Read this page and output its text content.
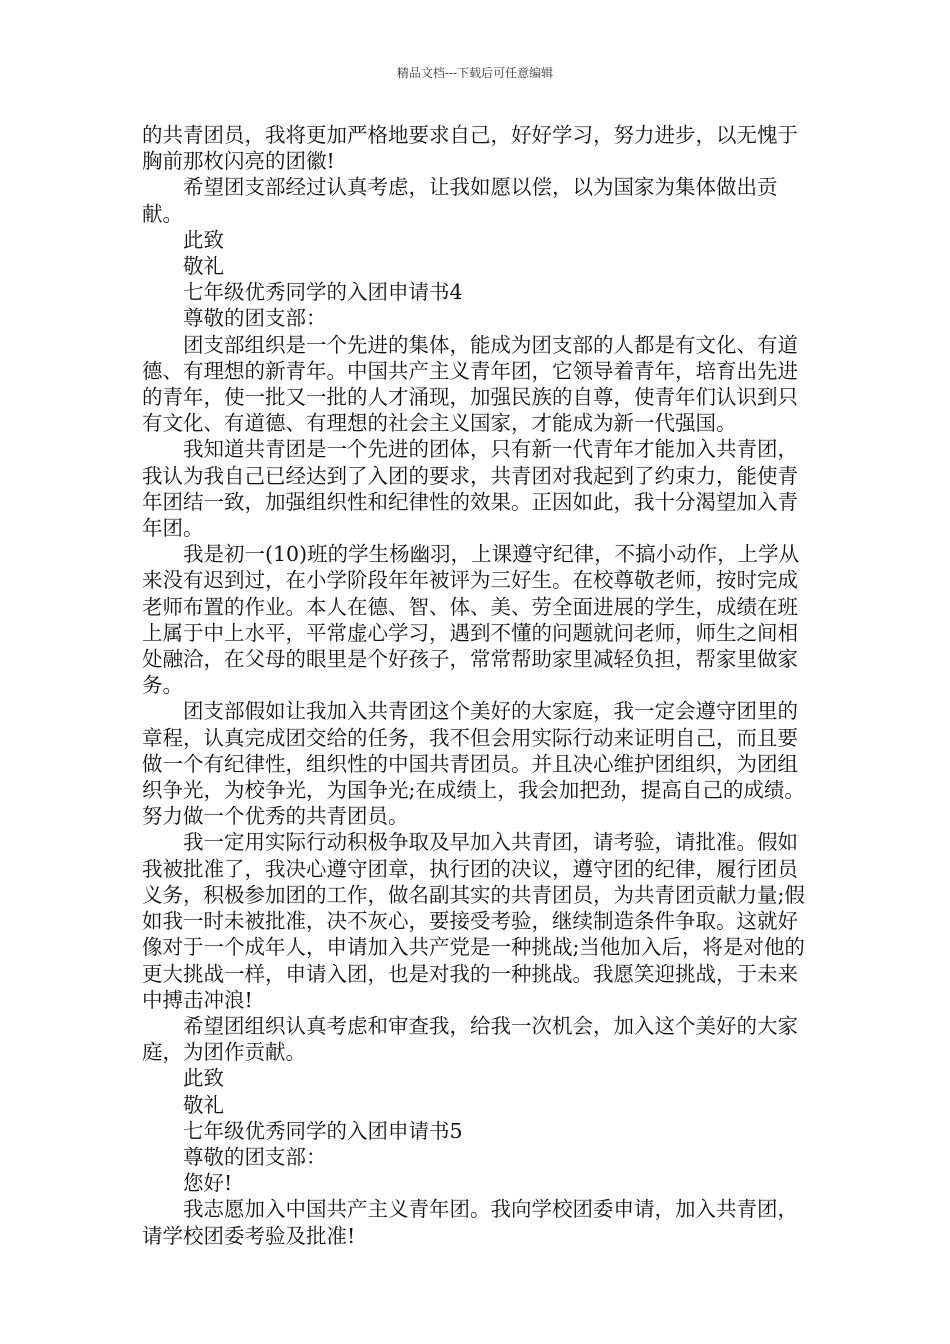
精品文档---下载后可任意编辑

的共青团员，我将更加严格地要求自己，好好学习，努力进步，以无愧于胸前那枚闪亮的团徽!

希望团支部经过认真考虑，让我如愿以偿，以为国家为集体做出贡献。

此致

敬礼

七年级优秀同学的入团申请书4

尊敬的团支部：

团支部组织是一个先进的集体，能成为团支部的人都是有文化、有道德、有理想的新青年。中国共产主义青年团，它领导着青年，培育出先进的青年，使一批又一批的人才涌现，加强民族的自尊，使青年们认识到只有文化、有道德、有理想的社会主义国家，才能成为新一代强国。

我知道共青团是一个先进的团体，只有新一代青年才能加入共青团，我认为我自己已经达到了入团的要求，共青团对我起到了约束力，能使青年团结一致，加强组织性和纪律性的效果。正因如此，我十分渴望加入青年团。

我是初一(10)班的学生杨幽羽，上课遵守纪律，不搞小动作，上学从来没有迟到过，在小学阶段年年被评为三好生。在校尊敬老师，按时完成老师布置的作业。本人在德、智、体、美、劳全面进展的学生，成绩在班上属于中上水平，平常虚心学习，遇到不懂的问题就问老师，师生之间相处融洽，在父母的眼里是个好孩子，常常帮助家里减轻负担，帮家里做家务。

团支部假如让我加入共青团这个美好的大家庭，我一定会遵守团里的章程，认真完成团交给的任务，我不但会用实际行动来证明自己，而且要做一个有纪律性，组织性的中国共青团员。并且决心维护团组织，为团组织争光，为校争光，为国争光;在成绩上，我会加把劲，提高自己的成绩。努力做一个优秀的共青团员。

我一定用实际行动积极争取及早加入共青团，请考验，请批准。假如我被批准了，我决心遵守团章，执行团的决议，遵守团的纪律，履行团员义务，积极参加团的工作，做名副其实的共青团员，为共青团贡献力量;假如我一时未被批准，决不灰心，要接受考验，继续制造条件争取。这就好像对于一个成年人，申请加入共产党是一种挑战;当他加入后，将是对他的更大挑战一样，申请入团，也是对我的一种挑战。我愿笑迎挑战，于未来中搏击冲浪!

希望团组织认真考虑和审查我，给我一次机会，加入这个美好的大家庭，为团作贡献。

此致

敬礼

七年级优秀同学的入团申请书5

尊敬的团支部：

您好!

我志愿加入中国共产主义青年团。我向学校团委申请，加入共青团，请学校团委考验及批准!
